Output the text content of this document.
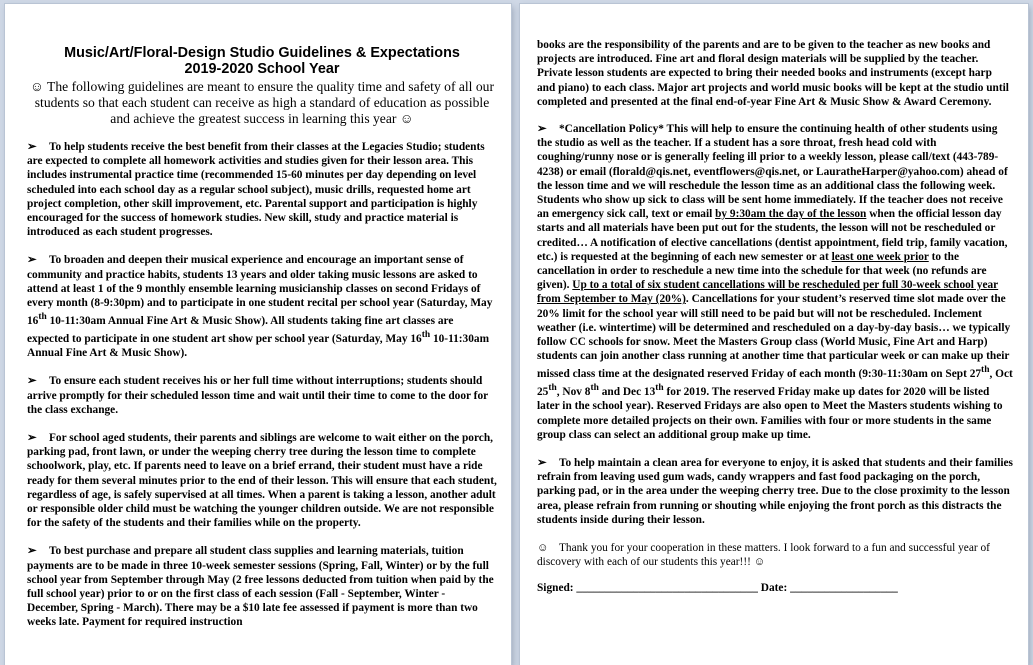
Music/Art/Floral-Design Studio Guidelines & Expectations

2019-2020 School Year

☺ The following guidelines are meant to ensure the quality time and safety of all our students so that each student can receive as high a standard of education as possible and achieve the greatest success in learning this year ☺

➢ To help students receive the best benefit from their classes at the Legacies Studio; students are expected to complete all homework activities and studies given for their lesson area. This includes instrumental practice time (recommended 15-60 minutes per day depending on level scheduled into each school day as a regular school subject), music drills, requested home art project completion, other skill improvement, etc. Parental support and participation is highly encouraged for the success of homework studies. New skill, study and practice material is introduced as each student progresses.

➢ To broaden and deepen their musical experience and encourage an important sense of community and practice habits, students 13 years and older taking music lessons are asked to attend at least 1 of the 9 monthly ensemble learning musicianship classes on second Fridays of every month (8-9:30pm) and to participate in one student recital per school year (Saturday, May 16th 10-11:30am Annual Fine Art & Music Show). All students taking fine art classes are expected to participate in one student art show per school year (Saturday, May 16th 10-11:30am Annual Fine Art & Music Show).

➢ To ensure each student receives his or her full time without interruptions; students should arrive promptly for their scheduled lesson time and wait until their time to come to the door for the class exchange.

➢ For school aged students, their parents and siblings are welcome to wait either on the porch, parking pad, front lawn, or under the weeping cherry tree during the lesson time to complete schoolwork, play, etc. If parents need to leave on a brief errand, their student must have a ride ready for them several minutes prior to the end of their lesson. This will ensure that each student, regardless of age, is safely supervised at all times. When a parent is taking a lesson, another adult or responsible older child must be watching the younger children outside. We are not responsible for the safety of the students and their families while on the property.

➢ To best purchase and prepare all student class supplies and learning materials, tuition payments are to be made in three 10-week semester sessions (Spring, Fall, Winter) or by the full school year from September through May (2 free lessons deducted from tuition when paid by the full school year) prior to or on the first class of each session (Fall - September, Winter - December, Spring - March). There may be a $10 late fee assessed if payment is more than two weeks late. Payment for required instruction

books are the responsibility of the parents and are to be given to the teacher as new books and projects are introduced. Fine art and floral design materials will be supplied by the teacher. Private lesson students are expected to bring their needed books and instruments (except harp and piano) to each class. Major art projects and world music books will be kept at the studio until completed and presented at the final end-of-year Fine Art & Music Show & Award Ceremony.

➢ *Cancellation Policy* This will help to ensure the continuing health of other students using the studio as well as the teacher. If a student has a sore throat, fresh head cold with coughing/runny nose or is generally feeling ill prior to a weekly lesson, please call/text (443-789-4238) or email (florald@qis.net, eventflowers@qis.net, or LauratheHarper@yahoo.com) ahead of the lesson time and we will reschedule the lesson time as an additional class the following week. Students who show up sick to class will be sent home immediately. If the teacher does not receive an emergency sick call, text or email by 9:30am the day of the lesson when the official lesson day starts and all materials have been put out for the students, the lesson will not be rescheduled or credited… A notification of elective cancellations (dentist appointment, field trip, family vacation, etc.) is requested at the beginning of each new semester or at least one week prior to the cancellation in order to reschedule a new time into the schedule for that week (no refunds are given). Up to a total of six student cancellations will be rescheduled per full 30-week school year from September to May (20%). Cancellations for your student’s reserved time slot made over the 20% limit for the school year will still need to be paid but will not be rescheduled. Inclement weather (i.e. wintertime) will be determined and rescheduled on a day-by-day basis… we typically follow CC schools for snow. Meet the Masters Group class (World Music, Fine Art and Harp) students can join another class running at another time that particular week or can make up their missed class time at the designated reserved Friday of each month (9:30-11:30am on Sept 27th, Oct 25th, Nov 8th and Dec 13th for 2019. The reserved Friday make up dates for 2020 will be listed later in the school year). Reserved Fridays are also open to Meet the Masters students wishing to complete more detailed projects on their own. Families with four or more students in the same group class can select an additional group make up time.

➢ To help maintain a clean area for everyone to enjoy, it is asked that students and their families refrain from leaving used gum wads, candy wrappers and fast food packaging on the porch, parking pad, or in the area under the weeping cherry tree. Due to the close proximity to the lesson area, please refrain from running or shouting while enjoying the front porch as this distracts the students inside during their lesson.

☺ Thank you for your cooperation in these matters. I look forward to a fun and successful year of discovery with each of our students this year!!! ☺

Signed: ________________________________ Date: ___________________
